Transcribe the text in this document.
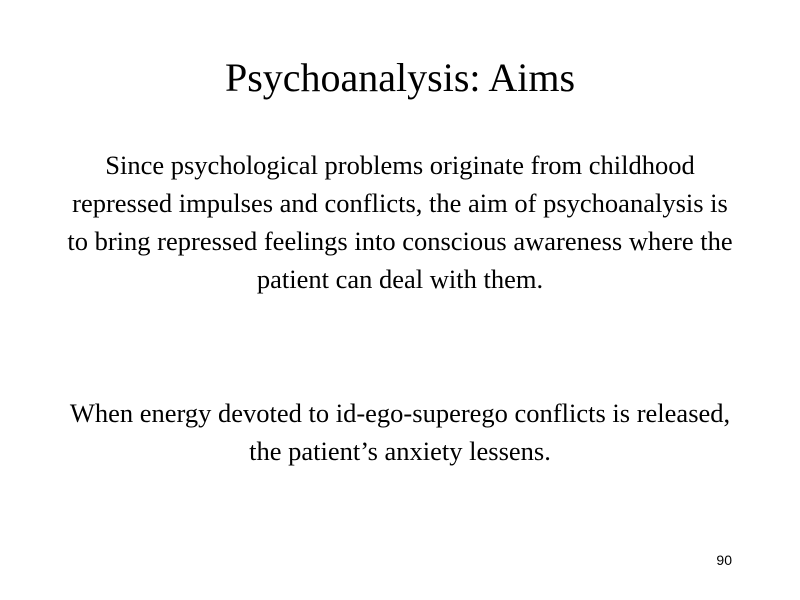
Psychoanalysis: Aims

Since psychological problems originate from childhood repressed impulses and conflicts, the aim of psychoanalysis is to bring repressed feelings into conscious awareness where the patient can deal with them.

When energy devoted to id-ego-superego conflicts is released, the patient’s anxiety lessens.

90
